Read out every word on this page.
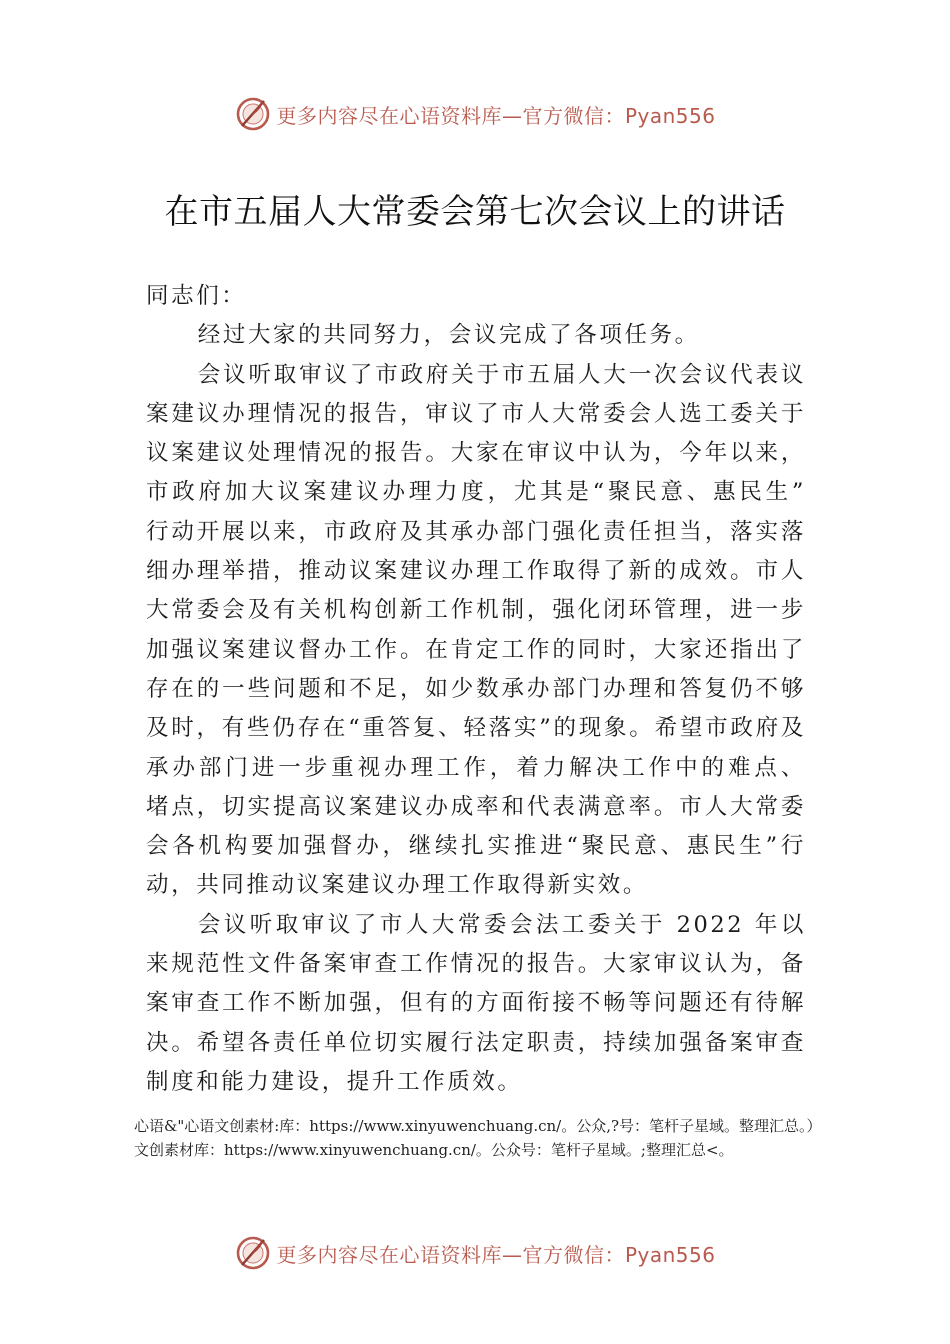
更多内容尽在心语资料库—官方微信：Pyan556
在市五届人大常委会第七次会议上的讲话

同志们：

经过大家的共同努力，会议完成了各项任务。

会议听取审议了市政府关于市五届人大一次会议代表议案建议办理情况的报告，审议了市人大常委会人选工委关于议案建议处理情况的报告。大家在审议中认为，今年以来，市政府加大议案建议办理力度，尤其是“聚民意、惠民生” 行动开展以来，市政府及其承办部门强化责任担当，落实落细办理举措，推动议案建议办理工作取得了新的成效。市人大常委会及有关机构创新工作机制，强化闭环管理，进一步加强议案建议督办工作。在肯定工作的同时，大家还指出了存在的一些问题和不足，如少数承办部门办理和答复仍不够及时，有些仍存在“重答复、轻落实”的现象。希望市政府及承办部门进一步重视办理工作，着力解决工作中的难点、 堵点，切实提高议案建议办成率和代表满意率。市人大常委会各机构要加强督办，继续扎实推进“聚民意、惠民生”行动，共同推动议案建议办理工作取得新实效。

会议听取审议了市人大常委会法工委关于 2022 年以来规范性文件备案审查工作情况的报告。大家审议认为，备案审查工作不断加强，但有的方面衔接不畅等问题还有待解决。希望各责任单位切实履行法定职责，持续加强备案审查制度和能力建设，提升工作质效。

心语&"心语文创素材:库：https://www.xinyuwenchuang.cn/。公众,?号：笔杆子星域。整理汇总。）文创素材库：https://www.xinyuwenchuang.cn/。公众号：笔杆子星域。;整理汇总<。

更多内容尽在心语资料库—官方微信：Pyan556
